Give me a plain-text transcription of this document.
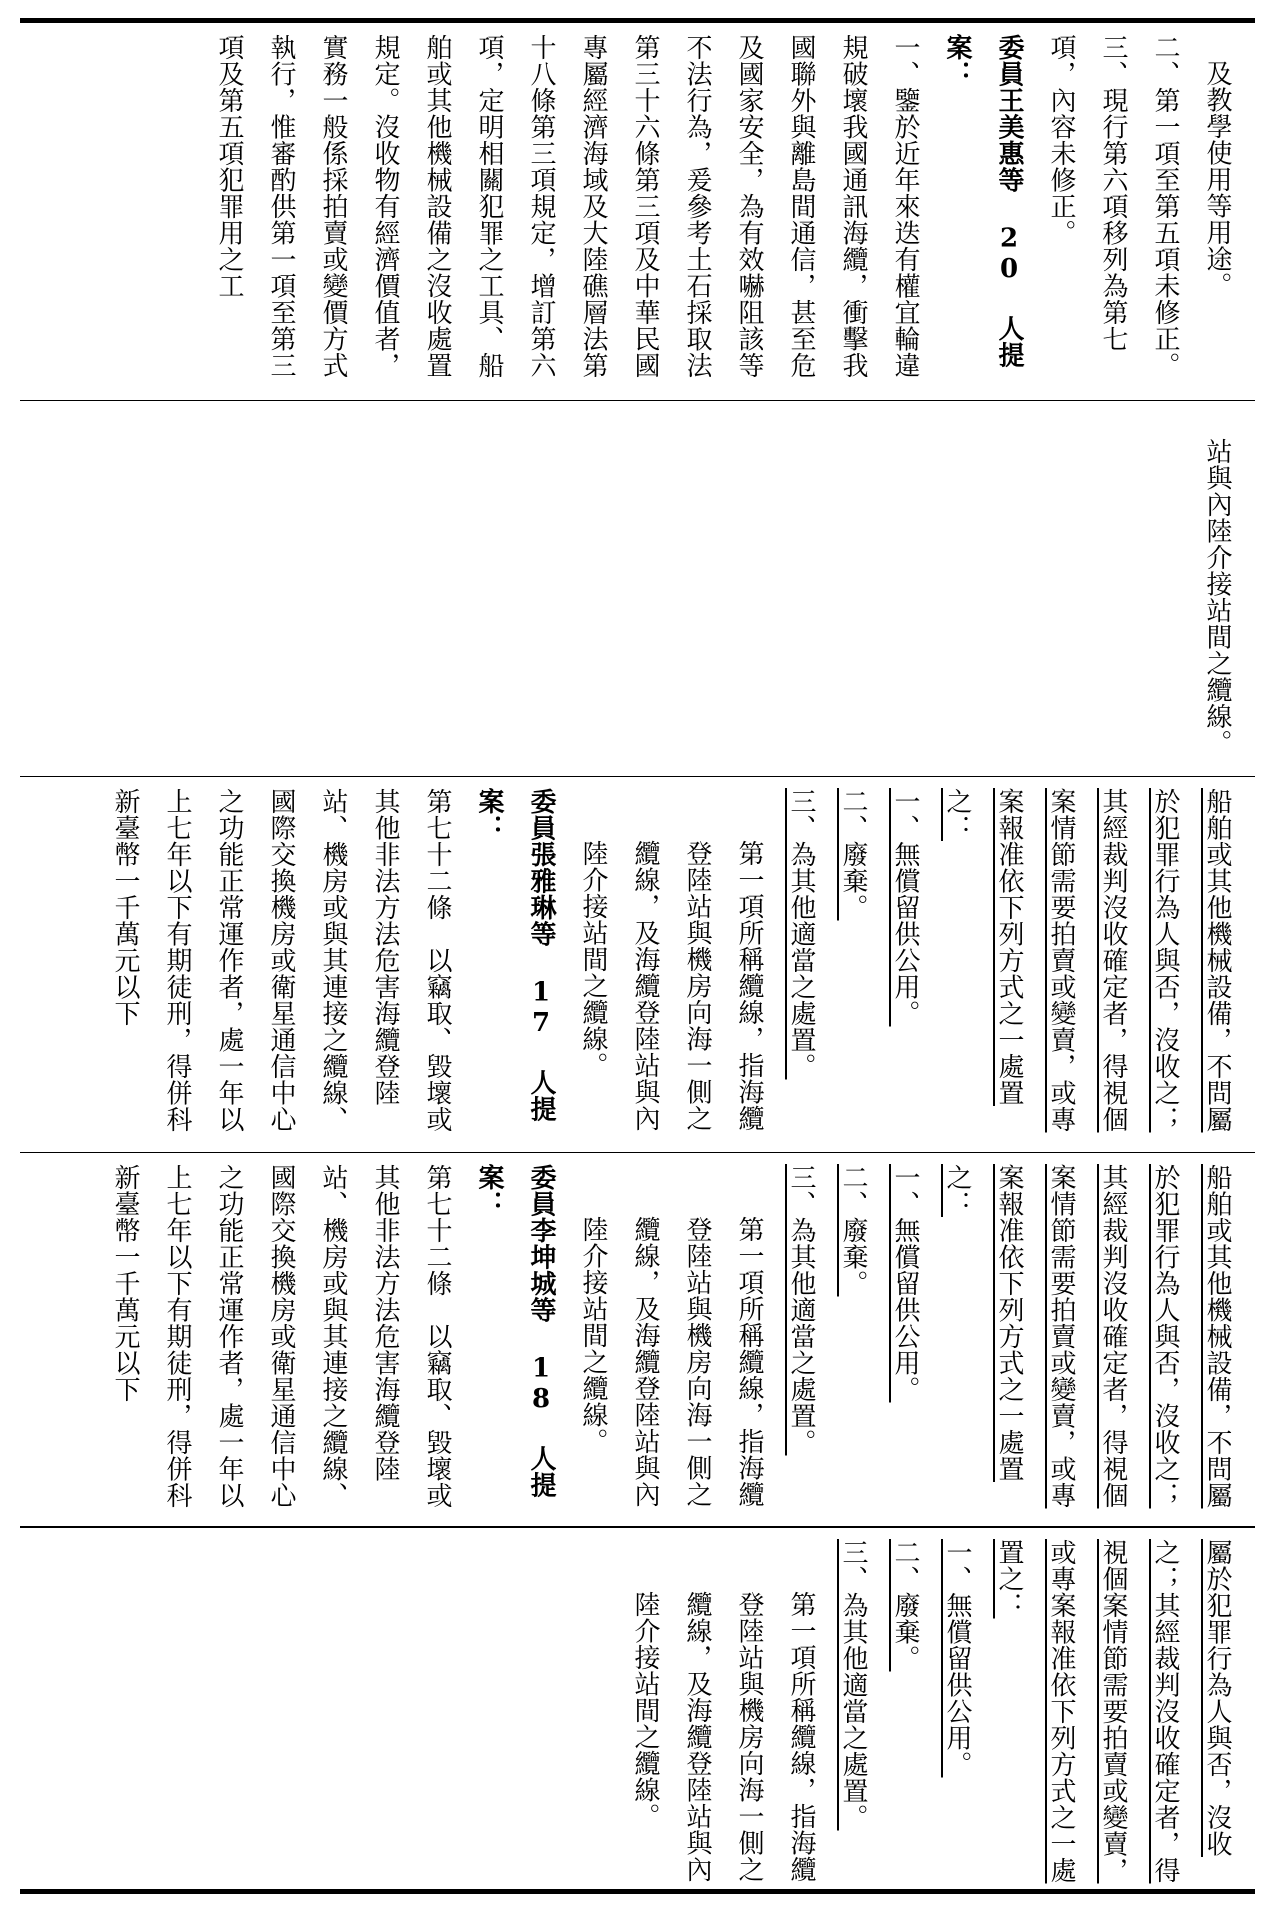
及教學使用等用途。
二、第一項至第五項未修正。
三、現行第六項移列為第七項，內容未修正。
委員王美惠等 20 人提案：
一、鑒於近年來迭有權宜輪違規破壞我國通訊海纜，衝擊我國聯外與離島間通信，甚至危及國家安全，為有效嚇阻該等不法行為，爰參考土石採取法第三十六條第三項及中華民國專屬經濟海域及大陸礁層法第十八條第三項規定，增訂第六項，定明相關犯罪之工具、船舶或其他機械設備之沒收處置規定。沒收物有經濟價值者，實務一般係採拍賣或變價方式執行，惟審酌供第一項至第三項及第五項犯罪用之工
站與內陸介接站間之纜線。
船舶或其他機械設備，不問屬於犯罪行為人與否，沒收之；其經裁判沒收確定者，得視個案情節需要拍賣或變賣，或專案報准依下列方式之一處置之：
一、無償留供公用。
二、廢棄。
三、為其他適當之處置。
第一項所稱纜線，指海纜登陸站與機房向海一側之纜線，及海纜登陸站與內陸介接站間之纜線。
委員張雅琳等 17 人提案：
第七十二條　以竊取、毀壞或其他非法方法危害海纜登陸站、機房或與其連接之纜線、國際交換機房或衛星通信中心之功能正常運作者，處一年以上七年以下有期徒刑，得併科新臺幣一千萬元以下
船舶或其他機械設備，不問屬於犯罪行為人與否，沒收之；其經裁判沒收確定者，得視個案情節需要拍賣或變賣，或專案報准依下列方式之一處置之：
一、無償留供公用。
二、廢棄。
三、為其他適當之處置。
第一項所稱纜線，指海纜登陸站與機房向海一側之纜線，及海纜登陸站與內陸介接站間之纜線。
委員李坤城等 18 人提案：
第七十二條　以竊取、毀壞或其他非法方法危害海纜登陸站、機房或與其連接之纜線、國際交換機房或衛星通信中心之功能正常運作者，處一年以上七年以下有期徒刑，得併科新臺幣一千萬元以下
屬於犯罪行為人與否，沒收之；其經裁判沒收確定者，得視個案情節需要拍賣或變賣，或專案報准依下列方式之一處置之：
一、無償留供公用。
二、廢棄。
三、為其他適當之處置。
第一項所稱纜線，指海纜登陸站與機房向海一側之纜線，及海纜登陸站與內陸介接站間之纜線。
